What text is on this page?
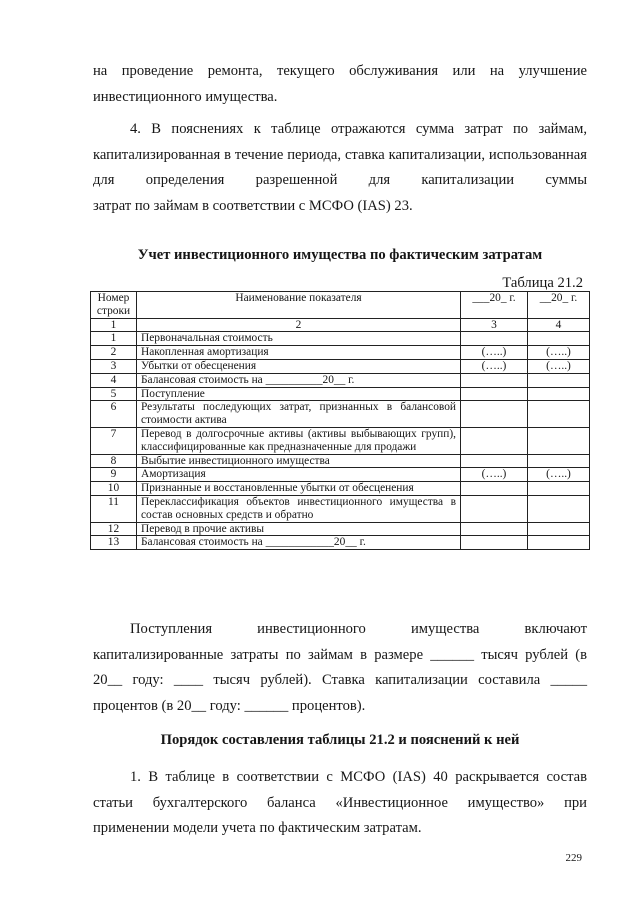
на проведение ремонта, текущего обслуживания или на улучшение
инвестиционного имущества.
4. В пояснениях к таблице отражаются сумма затрат по займам, капитализированная в течение периода, ставка капитализации, использованная для определения разрешенной для капитализации суммы
затрат по займам в соответствии с МСФО (IAS) 23.

Учет инвестиционного имущества по фактическим затратам

Таблица 21.2
Номер строки	Наименование показателя	___20_ г.	__20_ г.
1	2	3	4
1	Первоначальная стоимость		
2	Накопленная амортизация	(…..)	(…..)
3	Убытки от обесценения	(…..)	(…..)
4	Балансовая стоимость на __________20__ г.		
5	Поступление		
6	Результаты последующих затрат, признанных в балансовой стоимости актива		
7	Перевод в долгосрочные активы (активы выбывающих групп), классифицированные как предназначенные для продажи		
8	Выбытие инвестиционного имущества		
9	Амортизация	(…..)	(…..)
10	Признанные и восстановленные убытки от обесценения		
11	Переклассификация объектов инвестиционного имущества в состав основных средств и обратно		
12	Перевод в прочие активы		
13	Балансовая стоимость на ____________20__ г.		
Поступления инвестиционного имущества включают капитализированные затраты по займам в размере ______ тысяч рублей (в 20__ году: ____ тысяч рублей). Ставка капитализации составила _____
процентов (в 20__ году: ______ процентов).

Порядок составления таблицы 21.2 и пояснений к ней

1. В таблице в соответствии с МСФО (IAS) 40 раскрывается состав статьи бухгалтерского баланса «Инвестиционное имущество» при
применении модели учета по фактическим затратам.
229
